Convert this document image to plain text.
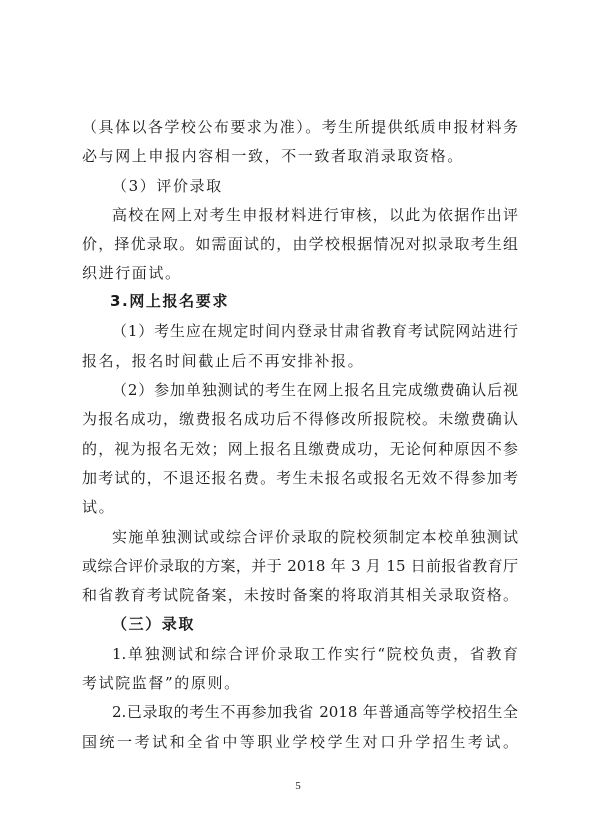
（具体以各学校公布要求为准）。考生所提供纸质申报材料务
必与网上申报内容相一致，不一致者取消录取资格。
（3）评价录取
高校在网上对考生申报材料进行审核，以此为依据作出评
价，择优录取。如需面试的，由学校根据情况对拟录取考生组
织进行面试。
3.网上报名要求
（1）考生应在规定时间内登录甘肃省教育考试院网站进行
报名，报名时间截止后不再安排补报。
（2）参加单独测试的考生在网上报名且完成缴费确认后视
为报名成功，缴费报名成功后不得修改所报院校。未缴费确认
的，视为报名无效；网上报名且缴费成功，无论何种原因不参
加考试的，不退还报名费。考生未报名或报名无效不得参加考
试。
实施单独测试或综合评价录取的院校须制定本校单独测试
或综合评价录取的方案，并于 2018 年 3 月 15 日前报省教育厅
和省教育考试院备案，未按时备案的将取消其相关录取资格。
（三）录取
1.单独测试和综合评价录取工作实行“院校负责，省教育
考试院监督”的原则。
2.已录取的考生不再参加我省 2018 年普通高等学校招生全
国统一考试和全省中等职业学校学生对口升学招生考试。
5
